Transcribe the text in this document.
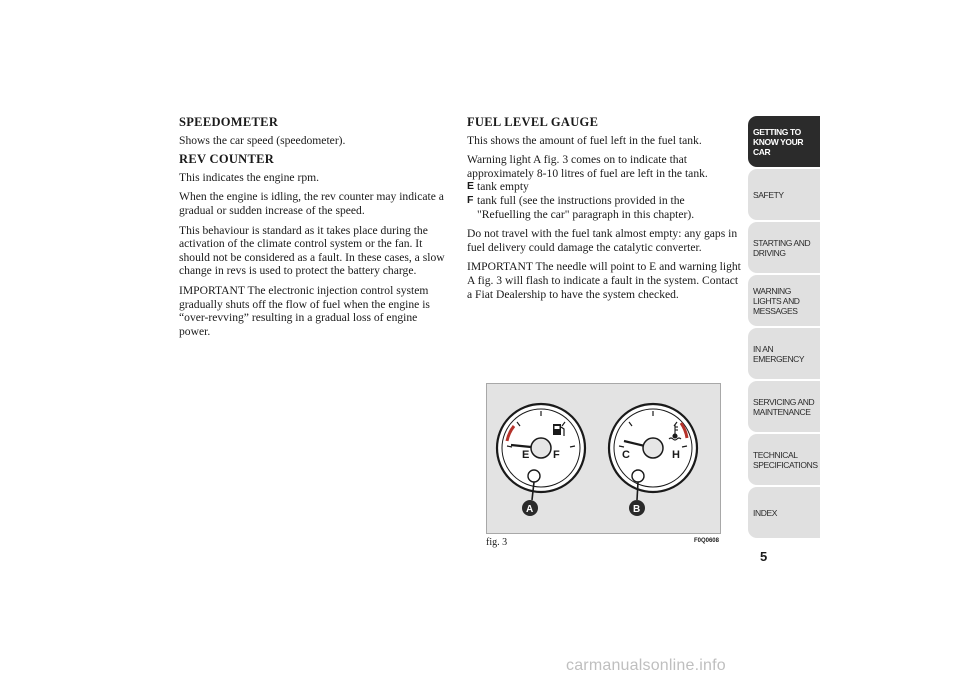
SPEEDOMETER

Shows the car speed (speedometer).

REV COUNTER

This indicates the engine rpm.

When the engine is idling, the rev counter may indicate a gradual or sudden increase of the speed.

This behaviour is standard as it takes place during the activation of the climate control system or the fan. It should not be considered as a fault. In these cases, a slow change in revs is used to protect the battery charge.

IMPORTANT The electronic injection control system gradually shuts off the flow of fuel when the engine is “over-revving” resulting in a gradual loss of engine power.

FUEL LEVEL GAUGE

This shows the amount of fuel left in the fuel tank.

Warning light A fig. 3 comes on to indicate that approximately 8-10 litres of fuel are left in the tank.

E tank empty
F tank full (see the instructions provided in the "Refuelling the car" paragraph in this chapter).

Do not travel with the fuel tank almost empty: any gaps in fuel delivery could damage the catalytic converter.

IMPORTANT The needle will point to E and warning light A fig. 3 will flash to indicate a fault in the system. Contact a Fiat Dealership to have the system checked.

E F
A
C	H
B
fig. 3	F0Q0608
GETTING TO KNOW YOUR CAR
SAFETY
STARTING AND DRIVING
WARNING LIGHTS AND MESSAGES
IN AN EMERGENCY
SERVICING AND MAINTENANCE
TECHNICAL SPECIFICATIONS
INDEX
5
carmanualsonline.info
